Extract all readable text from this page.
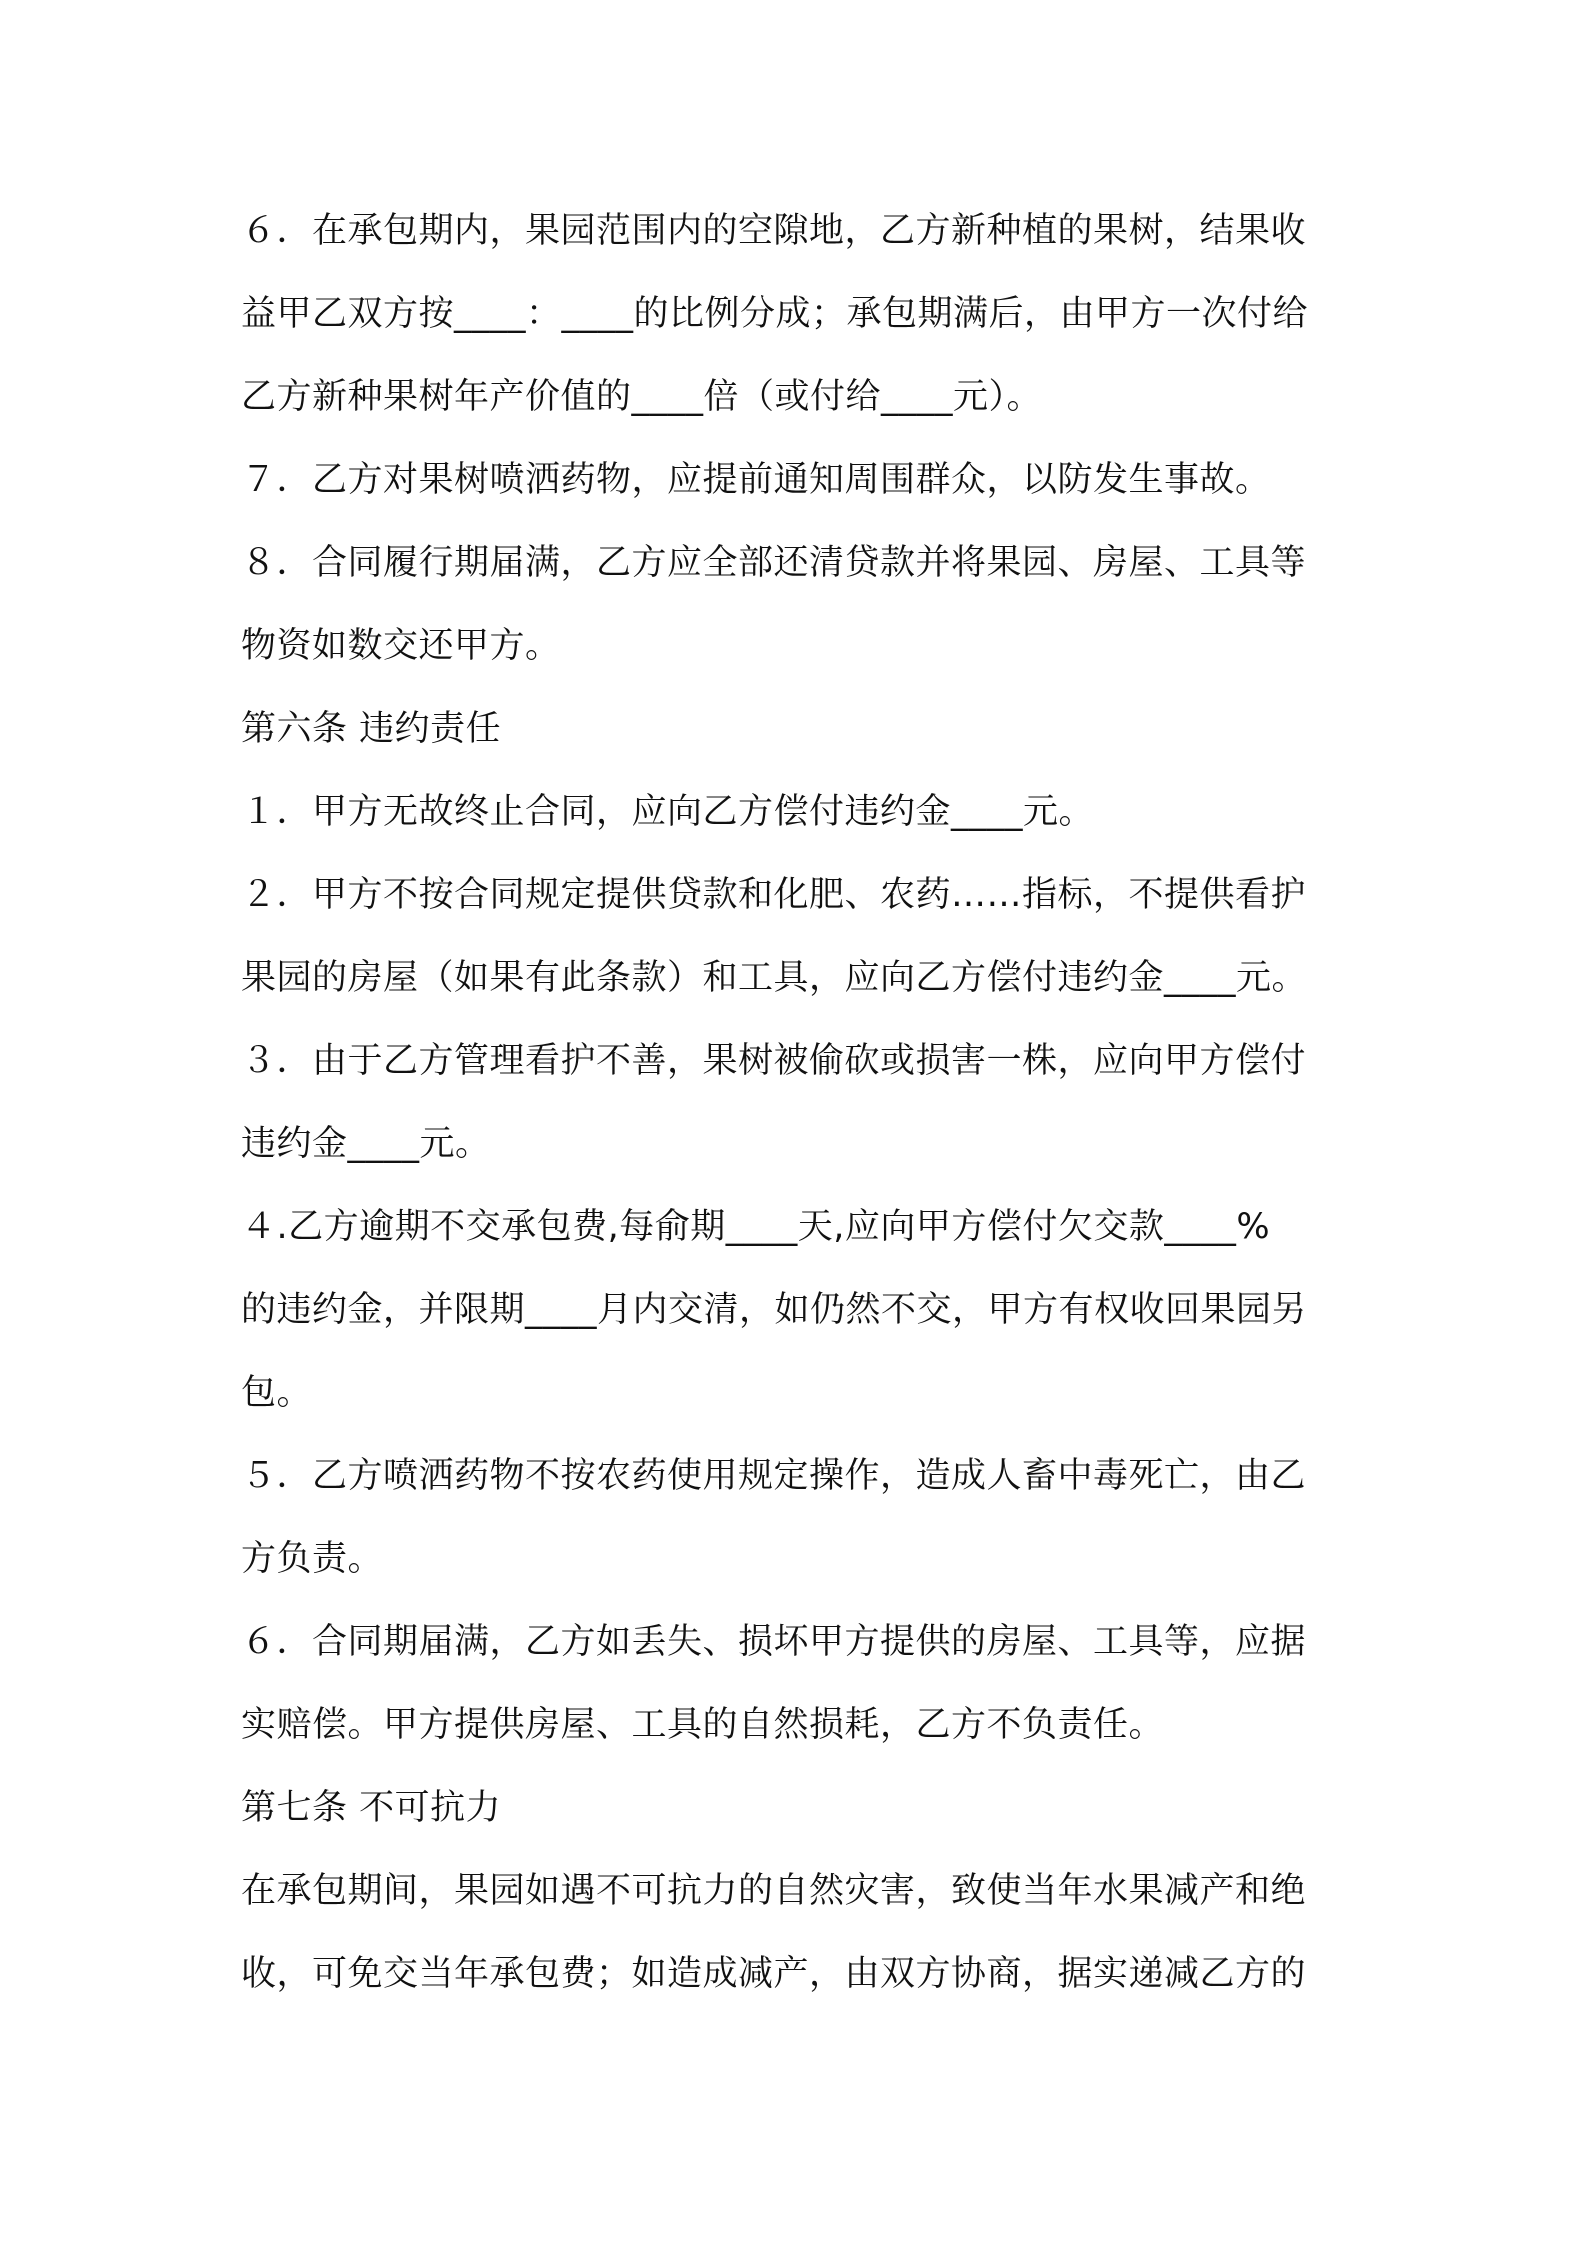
６．在承包期内，果园范围内的空隙地，乙方新种植的果树，结果收
益甲乙双方按____：____的比例分成；承包期满后，由甲方一次付给
乙方新种果树年产价值的____倍（或付给____元）。
７．乙方对果树喷洒药物，应提前通知周围群众，以防发生事故。
８．合同履行期届满，乙方应全部还清贷款并将果园、房屋、工具等
物资如数交还甲方。
第六条 违约责任
１．甲方无故终止合同，应向乙方偿付违约金____元。
２．甲方不按合同规定提供贷款和化肥、农药……指标，不提供看护
果园的房屋（如果有此条款）和工具，应向乙方偿付违约金____元。
３．由于乙方管理看护不善，果树被偷砍或损害一株，应向甲方偿付
违约金____元。
４.乙方逾期不交承包费,每俞期____天,应向甲方偿付欠交款____%
的违约金，并限期____月内交清，如仍然不交，甲方有权收回果园另
包。
５．乙方喷洒药物不按农药使用规定操作，造成人畜中毒死亡，由乙
方负责。
６．合同期届满，乙方如丢失、损坏甲方提供的房屋、工具等，应据
实赔偿。甲方提供房屋、工具的自然损耗，乙方不负责任。
第七条 不可抗力
在承包期间，果园如遇不可抗力的自然灾害，致使当年水果减产和绝
收，可免交当年承包费；如造成减产，由双方协商，据实递减乙方的
